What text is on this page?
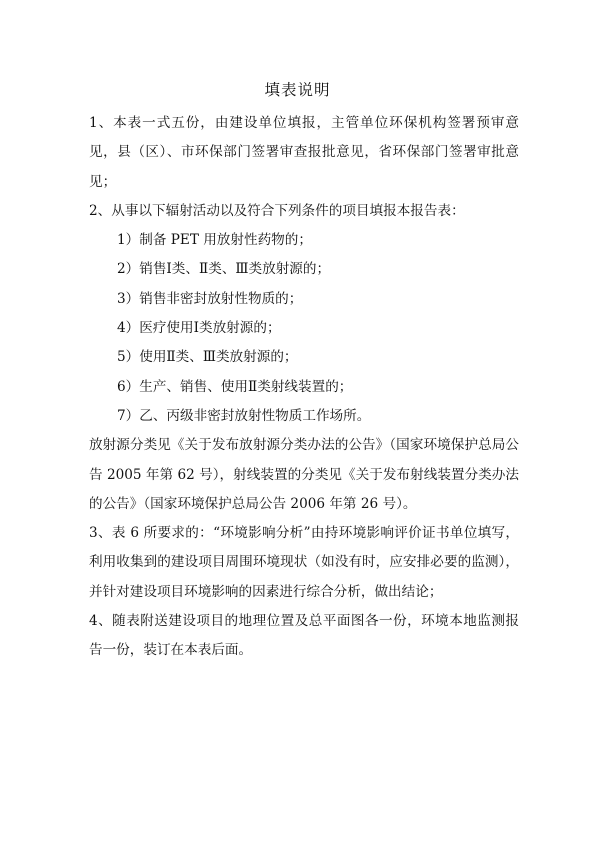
填表说明

1、本表一式五份，由建设单位填报，主管单位环保机构签署预审意见，县（区）、市环保部门签署审查报批意见，省环保部门签署审批意见；

2、从事以下辐射活动以及符合下列条件的项目填报本报告表：

1）制备 PET 用放射性药物的；

2）销售Ⅰ类、Ⅱ类、Ⅲ类放射源的；

3）销售非密封放射性物质的；

4）医疗使用Ⅰ类放射源的；

5）使用Ⅱ类、Ⅲ类放射源的；

6）生产、销售、使用Ⅱ类射线装置的；

7）乙、丙级非密封放射性物质工作场所。

放射源分类见《关于发布放射源分类办法的公告》（国家环境保护总局公告 2005 年第 62 号），射线装置的分类见《关于发布射线装置分类办法的公告》（国家环境保护总局公告 2006 年第 26 号）。

3、表 6 所要求的：“环境影响分析”由持环境影响评价证书单位填写，利用收集到的建设项目周围环境现状（如没有时，应安排必要的监测），并针对建设项目环境影响的因素进行综合分析，做出结论；

4、随表附送建设项目的地理位置及总平面图各一份，环境本地监测报告一份，装订在本表后面。
